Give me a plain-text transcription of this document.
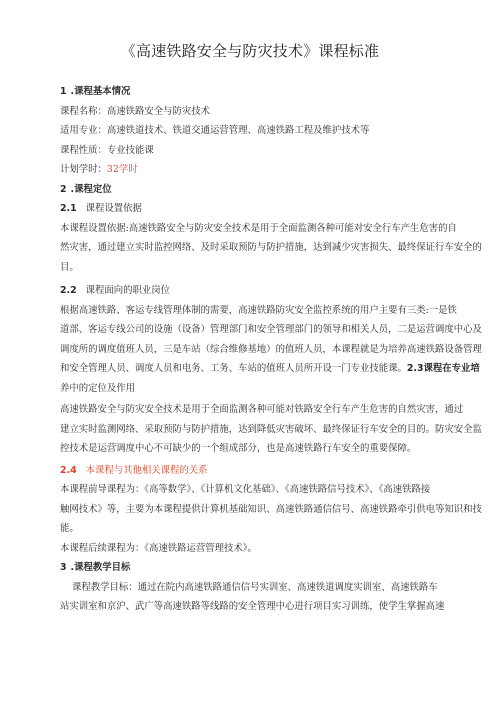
《高速铁路安全与防灾技术》课程标准
1 .课程基本情况
课程名称：高速铁路安全与防灾技术
适用专业：高速铁道技术、铁道交通运营管理、高速铁路工程及维护技术等
课程性质：专业技能课
计划学时：32学时
2 .课程定位
2.1 课程设置依据
本课程设置依据:高速铁路安全与防灾安全技术是用于全面监测各种可能对安全行车产生危害的自
然灾害，通过建立实时监控网络、及时采取预防与防护措施，达到减少灾害损失、最终保证行车安全的
目。
2.2 课程面向的职业岗位
根据高速铁路、客运专线管理体制的需要，高速铁路防灾安全监控系统的用户主要有三类:一是铁
道部、客运专线公司的设施（设备）管理部门和安全管理部门的领导和相关人员，二是运营调度中心及
调度所的调度值班人员，三是车站（综合维修基地）的值班人员，本课程就是为培养高速铁路设备管理
和安全管理人员、调度人员和电务、工务、车站的值班人员所开设一门专业技能课。2.3课程在专业培
养中的定位及作用
高速铁路安全与防灾安全技术是用于全面监测各种可能对铁路安全行车产生危害的自然灾害，通过
建立实时监测网络、采取预防与防护措施，达到降低灾害破坏、最终保证行车安全的目的。防灾安全监
控技术是运营调度中心不可缺少的一个组成部分，也是高速铁路行车安全的重要保障。
2.4 本课程与其他相关课程的关系
本课程前导课程为：《高等数学》、《计算机文化基础》、《高速铁路信号技术》、《高速铁路接
触网技术》等，主要为本课程提供计算机基础知识、高速铁路通信信号、高速铁路牵引供电等知识和技
能。
本课程后续课程为：《高速铁路运营管理技术》。
3 .课程教学目标
课程教学目标：通过在院内高速铁路通信信号实训室、高速铁道调度实训室、高速铁路车
站实训室和京沪、武广等高速铁路等线路的安全管理中心进行项目实习训练，使学生掌握高速
